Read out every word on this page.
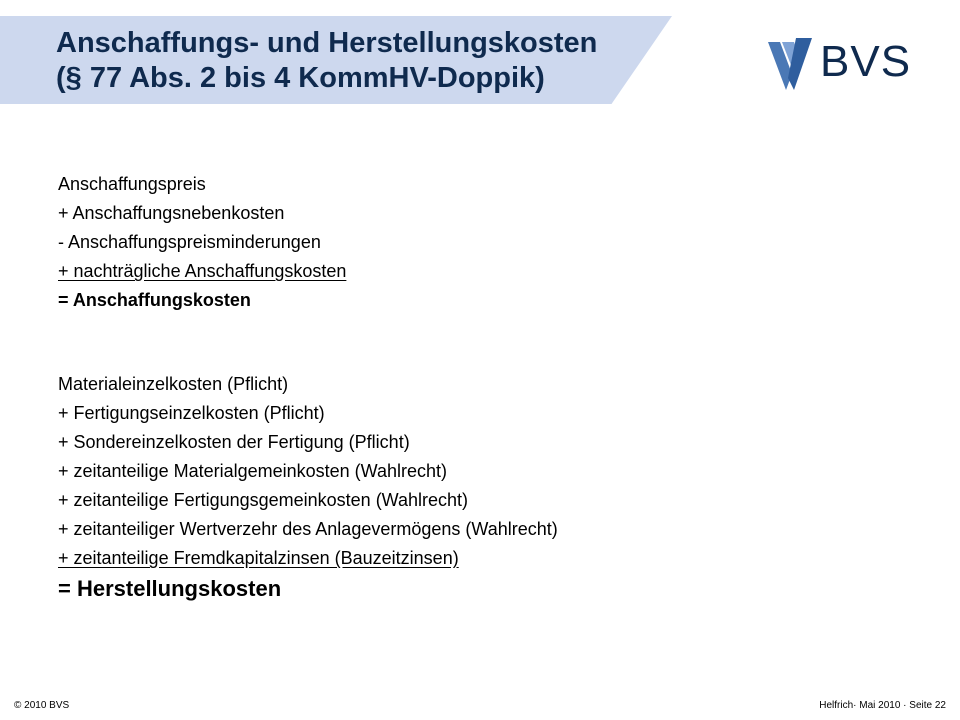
Anschaffungs- und Herstellungskosten
(§ 77 Abs. 2 bis 4 KommHV-Doppik)	BVS
Anschaffungspreis
+ Anschaffungsnebenkosten
- Anschaffungspreisminderungen
+ nachträgliche Anschaffungskosten
= Anschaffungskosten
Materialeinzelkosten (Pflicht)
+ Fertigungseinzelkosten (Pflicht)
+ Sondereinzelkosten der Fertigung (Pflicht)
+ zeitanteilige Materialgemeinkosten (Wahlrecht)
+ zeitanteilige Fertigungsgemeinkosten (Wahlrecht)
+ zeitanteiliger Wertverzehr des Anlagevermögens (Wahlrecht)
+ zeitanteilige Fremdkapitalzinsen (Bauzeitzinsen)
= Herstellungskosten
© 2010 BVS	Helfrich· Mai 2010 · Seite 22
